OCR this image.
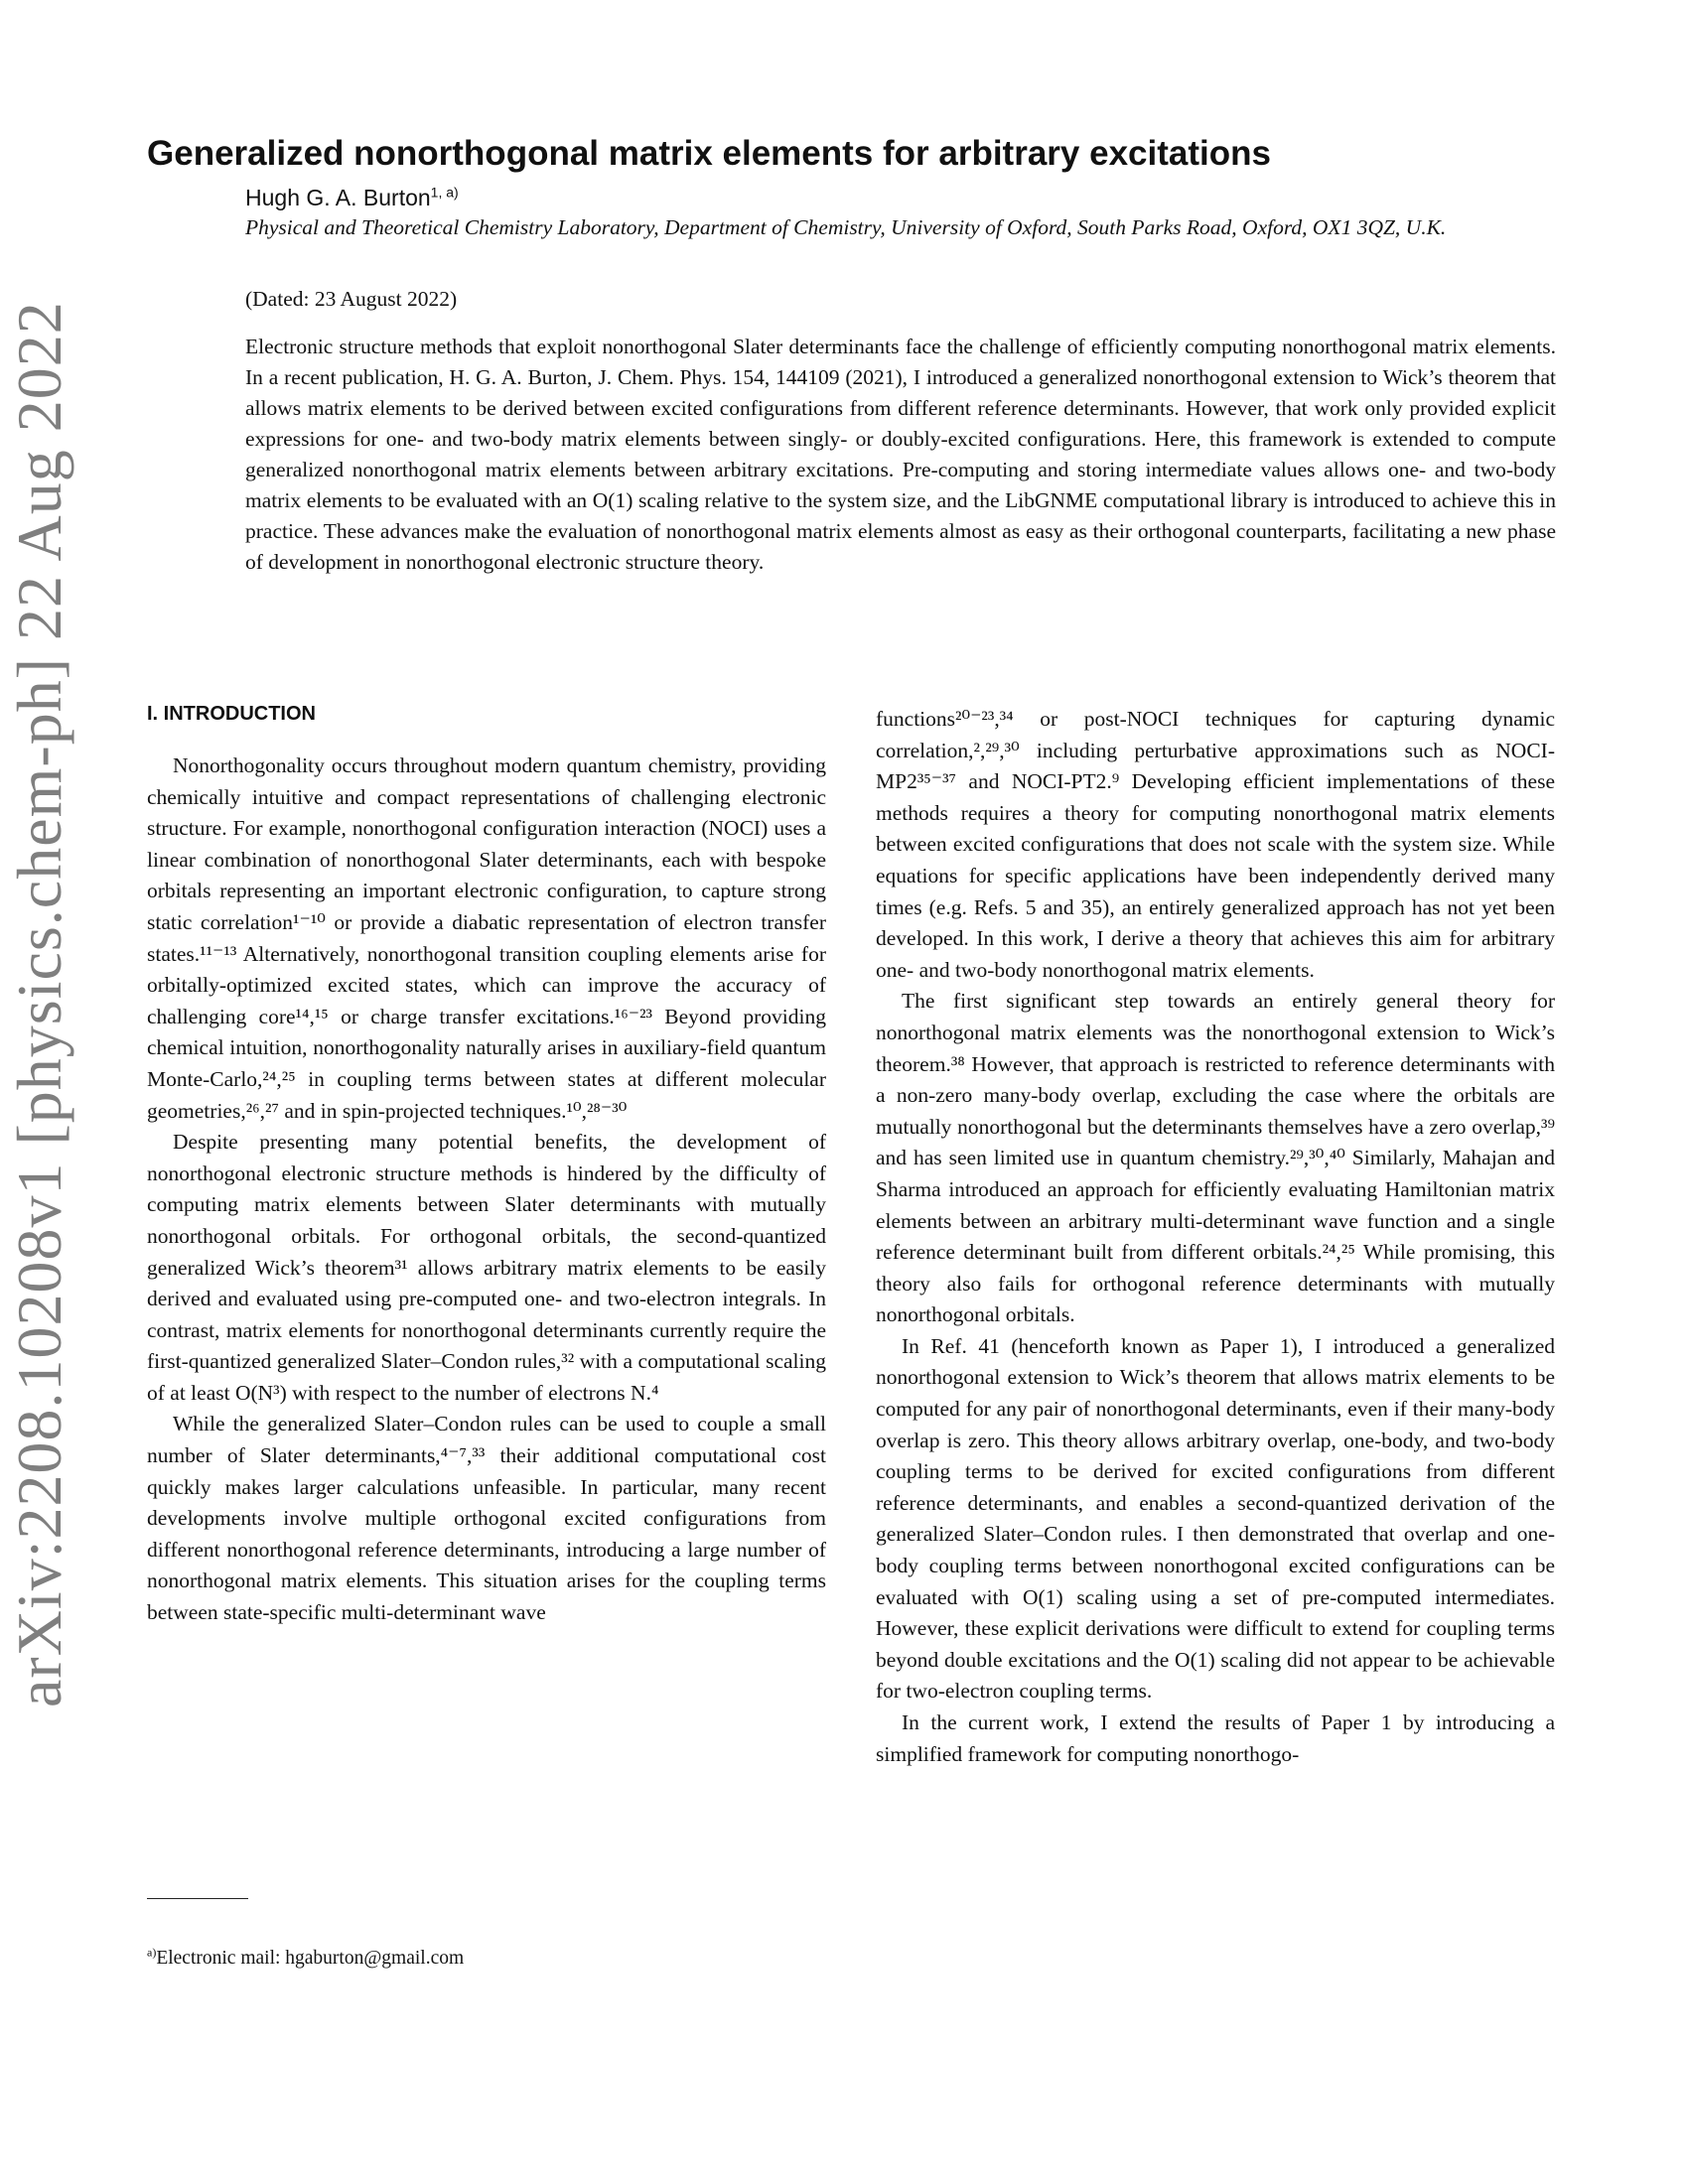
arXiv:2208.10208v1 [physics.chem-ph] 22 Aug 2022
Generalized nonorthogonal matrix elements for arbitrary excitations
Hugh G. A. Burton$^{1, a)}$
Physical and Theoretical Chemistry Laboratory, Department of Chemistry, University of Oxford, South Parks Road, Oxford, OX1 3QZ, U.K.
(Dated: 23 August 2022)
Electronic structure methods that exploit nonorthogonal Slater determinants face the challenge of efficiently computing nonorthogonal matrix elements. In a recent publication, H. G. A. Burton, J. Chem. Phys. 154, 144109 (2021), I introduced a generalized nonorthogonal extension to Wick’s theorem that allows matrix elements to be derived between excited configurations from different reference determinants. However, that work only provided explicit expressions for one- and two-body matrix elements between singly- or doubly-excited configurations. Here, this framework is extended to compute generalized nonorthogonal matrix elements between arbitrary excitations. Pre-computing and storing intermediate values allows one- and two-body matrix elements to be evaluated with an O(1) scaling relative to the system size, and the LibGNME computational library is introduced to achieve this in practice. These advances make the evaluation of nonorthogonal matrix elements almost as easy as their orthogonal counterparts, facilitating a new phase of development in nonorthogonal electronic structure theory.
I. INTRODUCTION

Nonorthogonality occurs throughout modern quantum chemistry, providing chemically intuitive and compact representations of challenging electronic structure. For example, nonorthogonal configuration interaction (NOCI) uses a linear combination of nonorthogonal Slater determinants, each with bespoke orbitals representing an important electronic configuration, to capture strong static correlation¹⁻¹⁰ or provide a diabatic representation of electron transfer states.¹¹⁻¹³ Alternatively, nonorthogonal transition coupling elements arise for orbitally-optimized excited states, which can improve the accuracy of challenging core¹⁴,¹⁵ or charge transfer excitations.¹⁶⁻²³ Beyond providing chemical intuition, nonorthogonality naturally arises in auxiliary-field quantum Monte-Carlo,²⁴,²⁵ in coupling terms between states at different molecular geometries,²⁶,²⁷ and in spin-projected techniques.¹⁰,²⁸⁻³⁰

Despite presenting many potential benefits, the development of nonorthogonal electronic structure methods is hindered by the difficulty of computing matrix elements between Slater determinants with mutually nonorthogonal orbitals. For orthogonal orbitals, the second-quantized generalized Wick’s theorem³¹ allows arbitrary matrix elements to be easily derived and evaluated using pre-computed one- and two-electron integrals. In contrast, matrix elements for nonorthogonal determinants currently require the first-quantized generalized Slater–Condon rules,³² with a computational scaling of at least O(N³) with respect to the number of electrons N.⁴

While the generalized Slater–Condon rules can be used to couple a small number of Slater determinants,⁴⁻⁷,³³ their additional computational cost quickly makes larger calculations unfeasible. In particular, many recent developments involve multiple orthogonal excited configurations from different nonorthogonal reference determinants, introducing a large number of nonorthogonal matrix elements. This situation arises for the coupling terms between state-specific multi-determinant wave

functions²⁰⁻²³,³⁴ or post-NOCI techniques for capturing dynamic correlation,²,²⁹,³⁰ including perturbative approximations such as NOCI-MP2³⁵⁻³⁷ and NOCI-PT2.⁹ Developing efficient implementations of these methods requires a theory for computing nonorthogonal matrix elements between excited configurations that does not scale with the system size. While equations for specific applications have been independently derived many times (e.g. Refs. 5 and 35), an entirely generalized approach has not yet been developed. In this work, I derive a theory that achieves this aim for arbitrary one- and two-body nonorthogonal matrix elements.

The first significant step towards an entirely general theory for nonorthogonal matrix elements was the nonorthogonal extension to Wick’s theorem.³⁸ However, that approach is restricted to reference determinants with a non-zero many-body overlap, excluding the case where the orbitals are mutually nonorthogonal but the determinants themselves have a zero overlap,³⁹ and has seen limited use in quantum chemistry.²⁹,³⁰,⁴⁰ Similarly, Mahajan and Sharma introduced an approach for efficiently evaluating Hamiltonian matrix elements between an arbitrary multi-determinant wave function and a single reference determinant built from different orbitals.²⁴,²⁵ While promising, this theory also fails for orthogonal reference determinants with mutually nonorthogonal orbitals.

In Ref. 41 (henceforth known as Paper 1), I introduced a generalized nonorthogonal extension to Wick’s theorem that allows matrix elements to be computed for any pair of nonorthogonal determinants, even if their many-body overlap is zero. This theory allows arbitrary overlap, one-body, and two-body coupling terms to be derived for excited configurations from different reference determinants, and enables a second-quantized derivation of the generalized Slater–Condon rules. I then demonstrated that overlap and one-body coupling terms between nonorthogonal excited configurations can be evaluated with O(1) scaling using a set of pre-computed intermediates. However, these explicit derivations were difficult to extend for coupling terms beyond double excitations and the O(1) scaling did not appear to be achievable for two-electron coupling terms.

In the current work, I extend the results of Paper 1 by introducing a simplified framework for computing nonorthogo-

$^{a)}$Electronic mail: hgaburton@gmail.com
